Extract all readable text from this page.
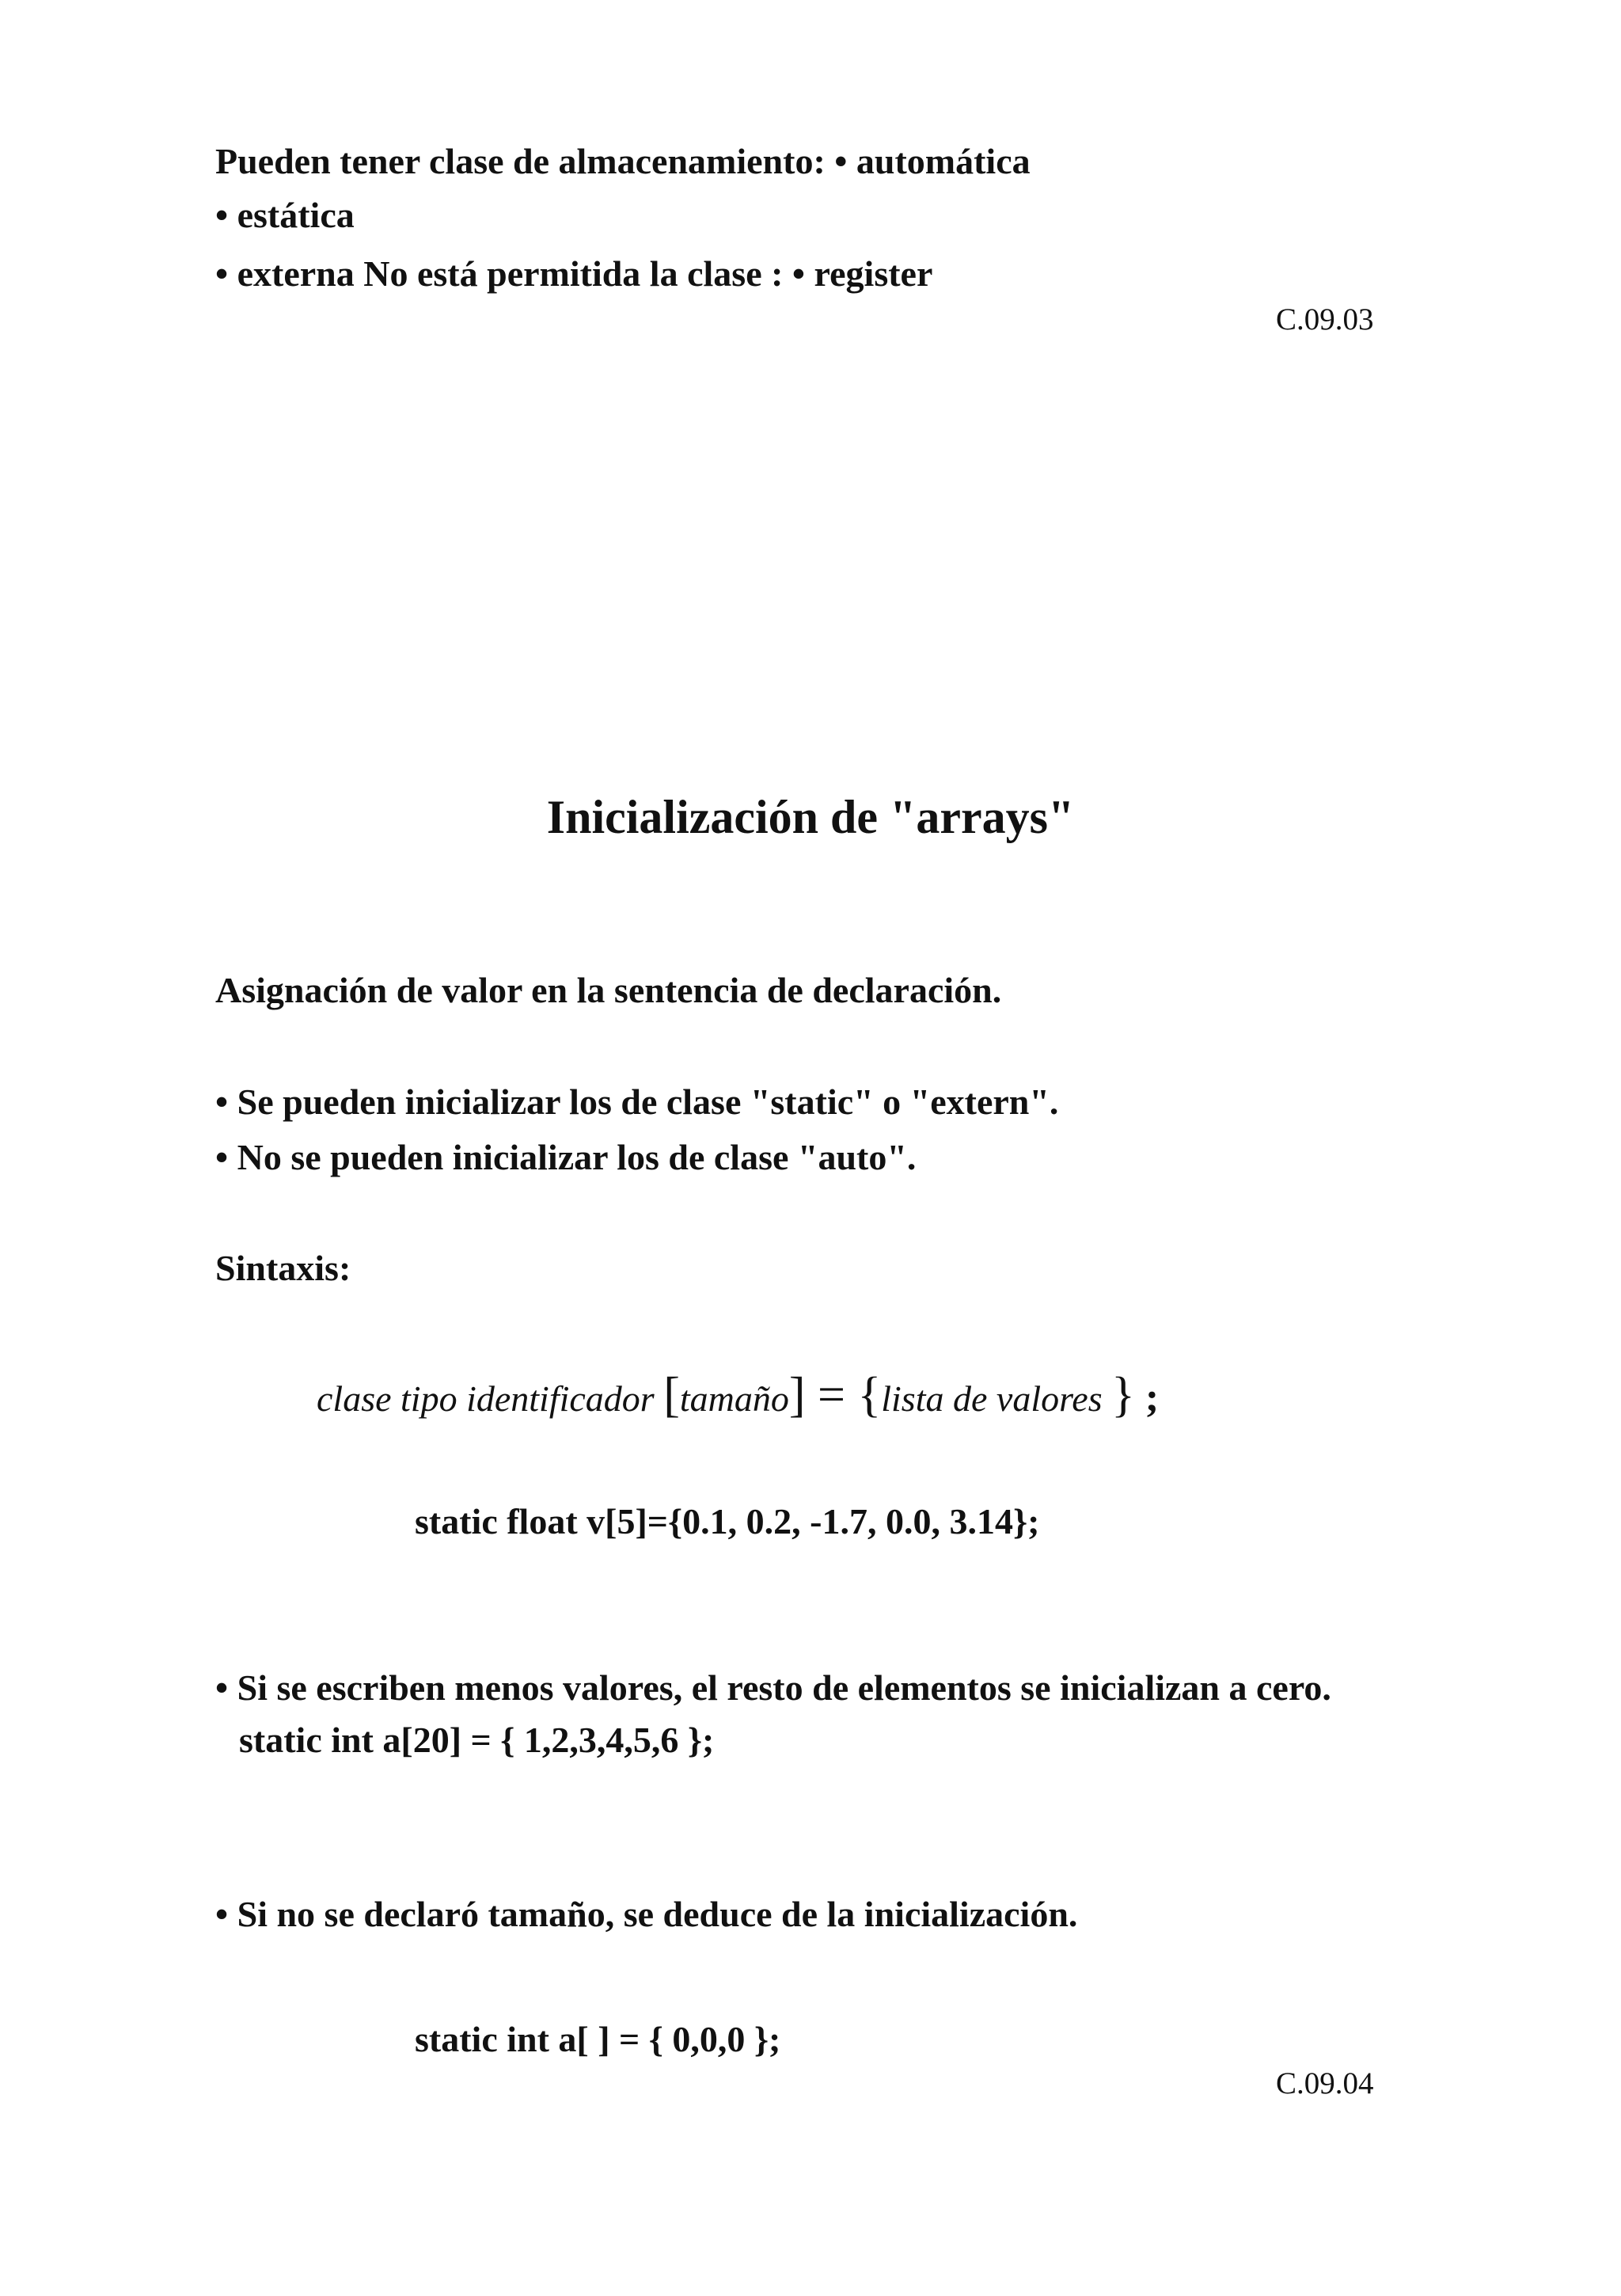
Pueden tener clase de almacenamiento: • automática
• estática
• externa No está permitida la clase : • register
C.09.03
Inicialización de "arrays"
Asignación de valor en la sentencia de declaración.
• Se pueden inicializar los de clase "static" o "extern".
• No se pueden inicializar los de clase "auto".
Sintaxis:
clase tipo identificador [tamaño] = {lista de valores } ;
static float v[5]={0.1, 0.2, -1.7, 0.0, 3.14};
• Si se escriben menos valores, el resto de elementos se inicializan a cero.
static int a[20] = { 1,2,3,4,5,6 };
• Si no se declaró tamaño, se deduce de la inicialización.
static int a[ ] = { 0,0,0 };
C.09.04
